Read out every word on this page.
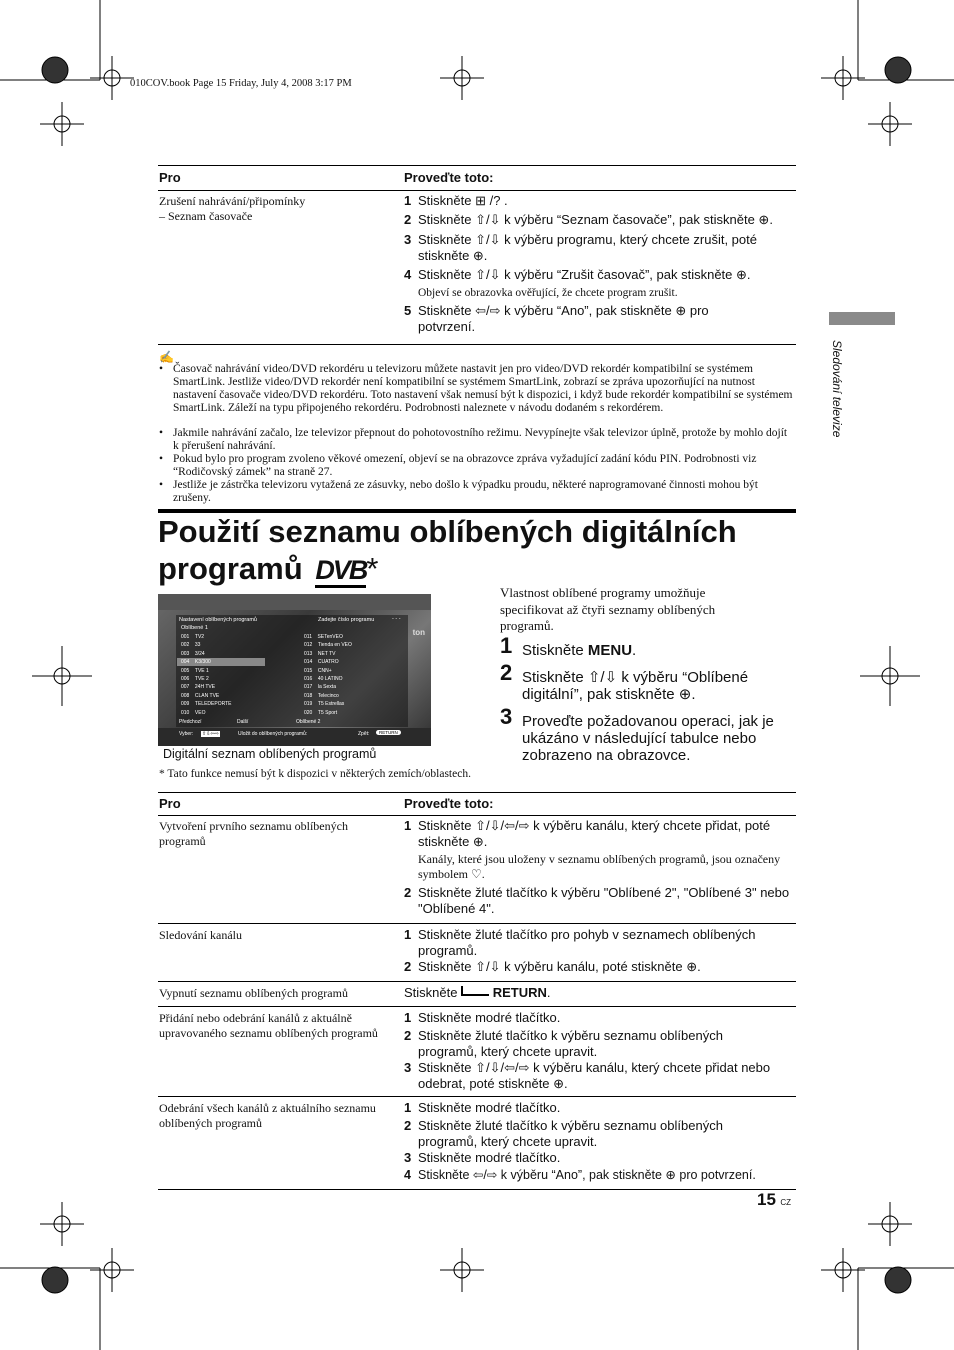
010COV.book Page 15 Friday, July 4, 2008 3:17 PM
Sledování televize
Pro	Proveďte toto:
Zrušení nahrávání/připomínky
– Seznam časovače
1 Stiskněte ⊞ /? .
2 Stiskněte ⇧/⇩ k výběru “Seznam časovače”, pak stiskněte ⊕.
3 Stiskněte ⇧/⇩ k výběru programu, který chcete zrušit, poté stiskněte ⊕.
4 Stiskněte ⇧/⇩ k výběru “Zrušit časovač”, pak stiskněte ⊕.
Objeví se obrazovka ověřující, že chcete program zrušit.
5 Stiskněte ⇦/⇨ k výběru “Ano”, pak stiskněte ⊕ pro potvrzení.
✍
• Časovač nahrávání video/DVD rekordéru u televizoru můžete nastavit jen pro video/DVD rekordér kompatibilní se systémem SmartLink. Jestliže video/DVD rekordér není kompatibilní se systémem SmartLink, zobrazí se zpráva upozorňující na nutnost nastavení časovače video/DVD rekordéru. Toto nastavení však nemusí být k dispozici, i když bude rekordér kompatibilní se systémem SmartLink. Záleží na typu připojeného rekordéru. Podrobnosti naleznete v návodu dodaném s rekordérem.
• Jakmile nahrávání začalo, lze televizor přepnout do pohotovostního režimu. Nevypínejte však televizor úplně, protože by mohlo dojít k přerušení nahrávání.
• Pokud bylo pro program zvoleno věkové omezení, objeví se na obrazovce zpráva vyžadující zadání kódu PIN. Podrobnosti viz “Rodičovský zámek” na straně 27.
• Jestliže je zástrčka televizoru vytažená ze zásuvky, nebo došlo k výpadku proudu, některé naprogramované činnosti mohou být zrušeny.
Použití seznamu oblíbených digitálních
programů DVB*
ton
Nastavení oblíbených programů
Oblíbené 1
Zadejte číslo programu	- - -
001 TV2
002 33
003 3/24
004 K3/300
005 TVE 1
006 TVE 2
007 24H TVE
008 CLAN TVE
009 TELEDEPORTE
010 VEO
011 SETenVEO
012 Tienda en VEO
013 NET TV
014 CUATRO
015 CNN+
016 40 LATINO
017 la Sexta
018 Telecinco
019 T5 Estrellas
020 T5 Sport
Předchozí	Další	Oblíbené 2
Vyber: ⇧⇩⇦⇨	Uložit do oblíbených programů:	Zpět:	RETURN
Digitální seznam oblíbených programů
* Tato funkce nemusí být k dispozici v některých zemích/oblastech.
Vlastnost oblíbené programy umožňuje specifikovat až čtyři seznamy oblíbených programů.
1 Stiskněte MENU.
2 Stiskněte ⇧/⇩ k výběru “Oblíbené digitální”, pak stiskněte ⊕.
3 Proveďte požadovanou operaci, jak je ukázáno v následující tabulce nebo zobrazeno na obrazovce.
Pro	Proveďte toto:
Vytvoření prvního seznamu oblíbených programů
1 Stiskněte ⇧/⇩/⇦/⇨ k výběru kanálu, který chcete přidat, poté stiskněte ⊕.
Kanály, které jsou uloženy v seznamu oblíbených programů, jsou označeny symbolem ♡.
2 Stiskněte žluté tlačítko k výběru "Oblíbené 2", "Oblíbené 3" nebo "Oblíbené 4".
Sledování kanálu	1 Stiskněte žluté tlačítko pro pohyb v seznamech oblíbených programů.
2 Stiskněte ⇧/⇩ k výběru kanálu, poté stiskněte ⊕.
Vypnutí seznamu oblíbených programů	Stiskněte  RETURN.
Přidání nebo odebrání kanálů z aktuálně upravovaného seznamu oblíbených programů
1 Stiskněte modré tlačítko.
2 Stiskněte žluté tlačítko k výběru seznamu oblíbených programů, který chcete upravit.
3 Stiskněte ⇧/⇩/⇦/⇨ k výběru kanálu, který chcete přidat nebo odebrat, poté stiskněte ⊕.
Odebrání všech kanálů z aktuálního seznamu oblíbených programů
1 Stiskněte modré tlačítko.
2 Stiskněte žluté tlačítko k výběru seznamu oblíbených programů, který chcete upravit.
3 Stiskněte modré tlačítko.
4 Stiskněte ⇦/⇨ k výběru “Ano”, pak stiskněte ⊕ pro potvrzení.
15 CZ
